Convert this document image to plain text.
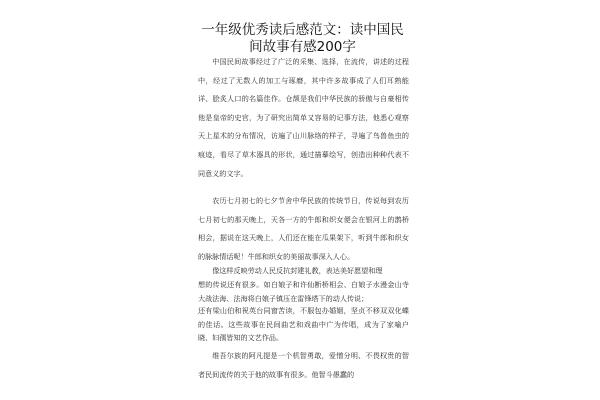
一年级优秀读后感范文：读中国民间故事有感200字

中国民间故事经过了广泛的采集、选择，在流传，讲述的过程中，经过了无数人的加工与琢磨，其中许多故事成了人们耳熟能详、脍炙人口的名篇佳作。仓颉是我们中华民族的骄傲与自豪相传他是皇帝的史官，为了研究出简单又容易的记事方法，他悉心观察天上星术的分布情况，访遍了山川脉络的样子，寻遍了鸟兽鱼虫的痕迹，看尽了草木器具的形状，通过描摹绘写，创造出种种代表不同意义的文字。

农历七月初七的七夕节舍中华民族的传统节日，传说每到农历七月初七的那天晚上，天各一方的牛郎和织女便会在银河上的鹊桥相会，据说在这天晚上，人们还在能在瓜果架下，听到牛郎和织女的脉脉情话呢！牛郎和织女的美丽故事深入人心。

像这样反映劳动人民反抗封建礼教，表达美好愿望和理

想的传说还有很多。如白娘子和许仙断桥相会、白娘子水漫金山寺大战法海、法海将白娘子镇压在雷锋塔下的动人传说；

还有梁山伯和祝英台同窗苦读，不服包办婚姻，坚贞不移双双化蝶的佳话。这些故事在民间曲艺和戏曲中广为传唱，成为了家喻户晓、妇孺皆知的文艺作品。

维吾尔族的阿凡提是一个机智勇敢，爱憎分明、不畏权贵的智者民间流传的关于他的故事有很多。他智斗愚蠢的
